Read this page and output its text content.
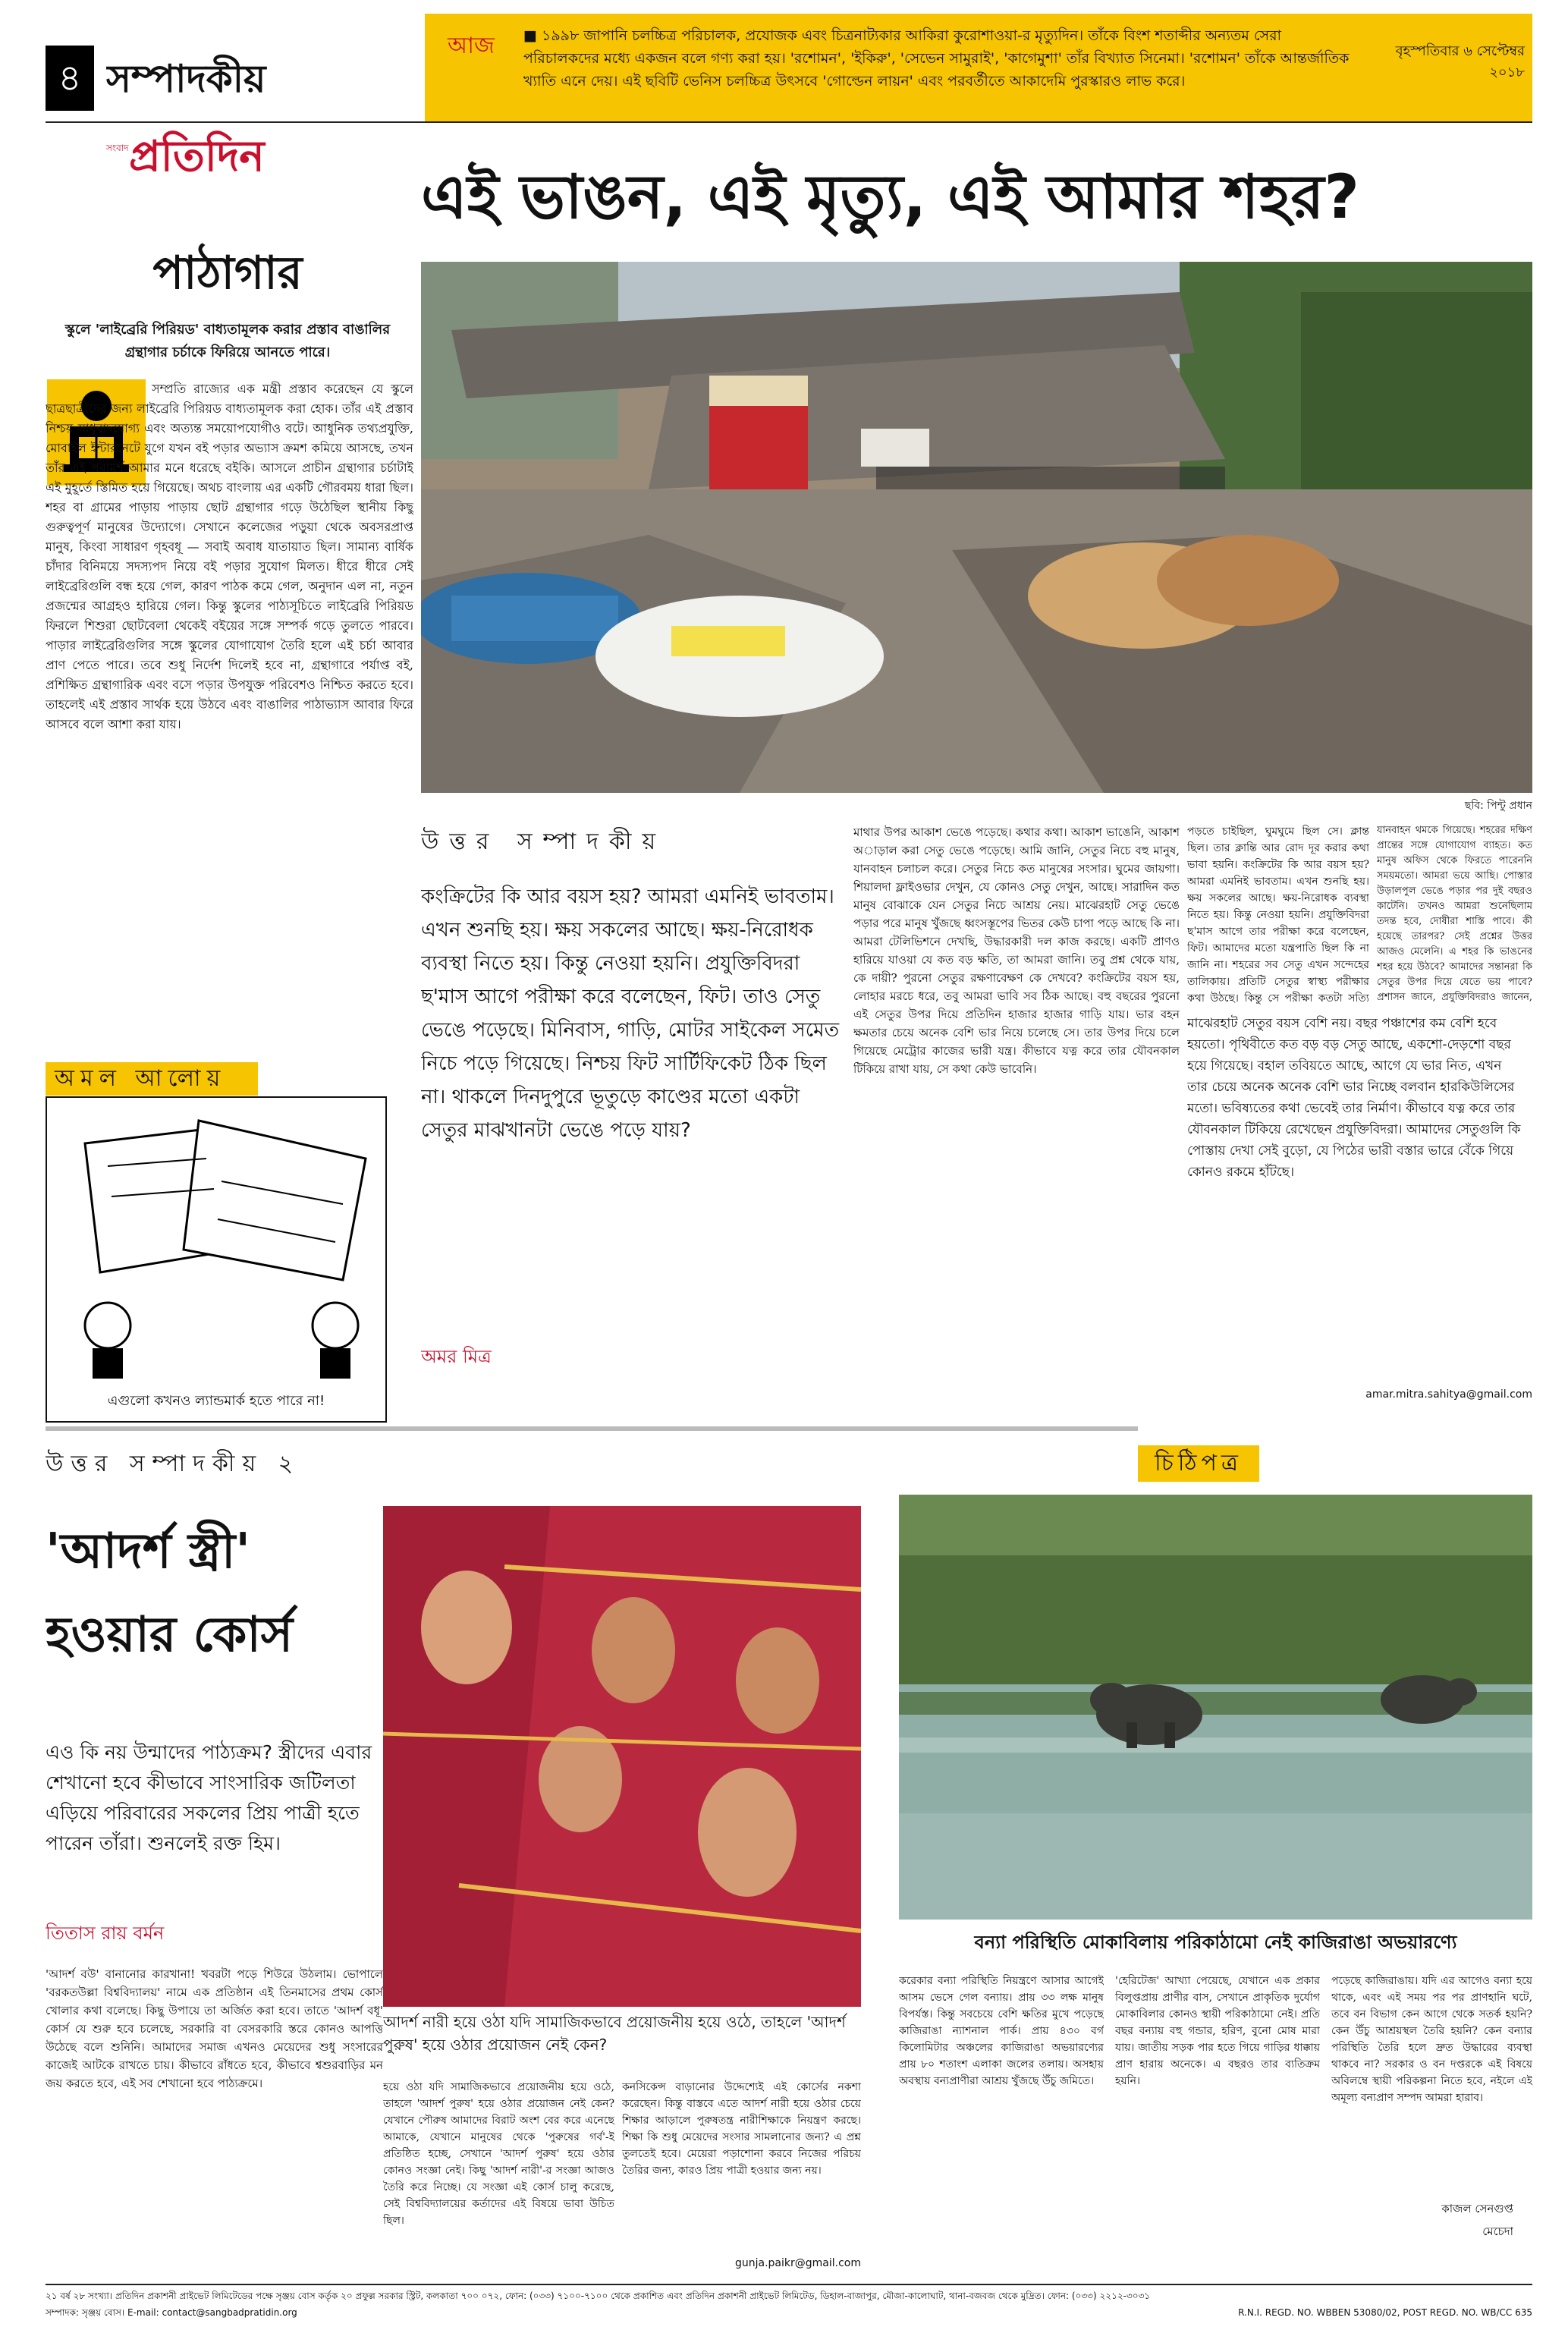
৪ সম্পাদকীয়
আজ ■ ১৯৯৮ জাপানি চলচ্চিত্র পরিচালক, প্রযোজক এবং চিত্রনাট্যকার আকিরা কুরোশাওয়া-র মৃত্যুদিন। তাঁকে বিংশ শতাব্দীর অন্যতম সেরা পরিচালকদের মধ্যে একজন বলে গণ্য করা হয়। 'রশোমন', 'ইকিরু', 'সেভেন সামুরাই', 'কাগেমুশা' তাঁর বিখ্যাত সিনেমা। 'রশোমন' তাঁকে আন্তর্জাতিক খ্যাতি এনে দেয়। এই ছবিটি ভেনিস চলচ্চিত্র উৎসবে 'গোল্ডেন লায়ন' এবং পরবর্তীতে আকাদেমি পুরস্কারও লাভ করে।
বৃহস্পতিবার ৬ সেপ্টেম্বর ২০১৮
সংবাদ প্রতিদিন
এই ভাঙন, এই মৃত্যু, এই আমার শহর?
ছবি: পিন্টু প্রধান
পাঠাগার
স্কুলে 'লাইব্রেরি পিরিয়ড' বাধ্যতামূলক করার প্রস্তাব বাঙালির গ্রন্থাগার চর্চাকে ফিরিয়ে আনতে পারে।
সম্প্রতি রাজ্যের এক মন্ত্রী প্রস্তাব করেছেন যে স্কুলে ছাত্রছাত্রীদের জন্য লাইব্রেরি পিরিয়ড বাধ্যতামূলক করা হোক। তাঁর এই প্রস্তাব নিশ্চয় সাধুবাদযোগ্য এবং অত্যন্ত সময়োপযোগীও বটে। আধুনিক তথ্যপ্রযুক্তি, মোবাইল ইন্টারনেটে যুগে যখন বই পড়ার অভ্যাস ক্রমশ কমিয়ে আসছে, তখন তাঁর এই পরামর্শ আমার মনে ধরেছে বইকি। আসলে প্রাচীন গ্রন্থাগার চর্চাটাই এই মুহূর্তে স্তিমিত হয়ে গিয়েছে। অথচ বাংলায় এর একটি গৌরবময় ধারা ছিল। শহর বা গ্রামের পাড়ায় পাড়ায় ছোট গ্রন্থাগার গড়ে উঠেছিল স্থানীয় কিছু গুরুত্বপূর্ণ মানুষের উদ্যোগে। সেখানে কলেজের পড়ুয়া থেকে অবসরপ্রাপ্ত মানুষ, কিংবা সাধারণ গৃহবধূ — সবাই অবাধ যাতায়াত ছিল। সামান্য বার্ষিক চাঁদার বিনিময়ে সদস্যপদ নিয়ে বই পড়ার সুযোগ মিলত। ধীরে ধীরে সেই লাইব্রেরিগুলি বন্ধ হয়ে গেল, কারণ পাঠক কমে গেল, অনুদান এল না, নতুন প্রজন্মের আগ্রহও হারিয়ে গেল। কিন্তু স্কুলের পাঠ্যসূচিতে লাইব্রেরি পিরিয়ড ফিরলে শিশুরা ছোটবেলা থেকেই বইয়ের সঙ্গে সম্পর্ক গড়ে তুলতে পারবে। পাড়ার লাইব্রেরিগুলির সঙ্গে স্কুলের যোগাযোগ তৈরি হলে এই চর্চা আবার প্রাণ পেতে পারে। তবে শুধু নির্দেশ দিলেই হবে না, গ্রন্থাগারে পর্যাপ্ত বই, প্রশিক্ষিত গ্রন্থাগারিক এবং বসে পড়ার উপযুক্ত পরিবেশও নিশ্চিত করতে হবে। তাহলেই এই প্রস্তাব সার্থক হয়ে উঠবে এবং বাঙালির পাঠাভ্যাস আবার ফিরে আসবে বলে আশা করা যায়।
অমল আলোয়
এগুলো কখনও ল্যান্ডমার্ক হতে পারে না!
উত্তর সম্পাদকীয়
কংক্রিটের কি আর বয়স হয়? আমরা এমনিই ভাবতাম। এখন শুনছি হয়। ক্ষয় সকলের আছে। ক্ষয়-নিরোধক ব্যবস্থা নিতে হয়। কিন্তু নেওয়া হয়নি। প্রযুক্তিবিদরা ছ'মাস আগে পরীক্ষা করে বলেছেন, ফিট। তাও সেতু ভেঙে পড়েছে। মিনিবাস, গাড়ি, মোটর সাইকেল সমেত নিচে পড়ে গিয়েছে। নিশ্চয় ফিট সার্টিফিকেট ঠিক ছিল না। থাকলে দিনদুপুরে ভূতুড়ে কাণ্ডের মতো একটা সেতুর মাঝখানটা ভেঙে পড়ে যায়?
অমর মিত্র
মাথার উপর আকাশ ভেঙে পড়েছে। কথার কথা। আকাশ ভাঙেনি, আকাশ অাড়াল করা সেতু ভেঙে পড়েছে। আমি জানি, সেতুর নিচে বহু মানুষ, যানবাহন চলাচল করে। সেতুর নিচে কত মানুষের সংসার। ঘুমের জায়গা। শিয়ালদা ফ্লাইওভার দেখুন, যে কোনও সেতু দেখুন, আছে। সারাদিন কত মানুষ বোঝাকে যেন সেতুর নিচে আশ্রয় নেয়। মাঝেরহাট সেতু ভেঙে পড়ার পরে মানুষ খুঁজছে ধ্বংসস্তূপের ভিতর কেউ চাপা পড়ে আছে কি না। আমরা টেলিভিশনে দেখছি, উদ্ধারকারী দল কাজ করছে। একটি প্রাণও হারিয়ে যাওয়া যে কত বড় ক্ষতি, তা আমরা জানি। তবু প্রশ্ন থেকে যায়, কে দায়ী? পুরনো সেতুর রক্ষণাবেক্ষণ কে দেখবে? কংক্রিটের বয়স হয়, লোহার মরচে ধরে, তবু আমরা ভাবি সব ঠিক আছে। বহু বছরের পুরনো এই সেতুর উপর দিয়ে প্রতিদিন হাজার হাজার গাড়ি যায়। ভার বহন ক্ষমতার চেয়ে অনেক বেশি ভার নিয়ে চলেছে সে। তার উপর দিয়ে চলে গিয়েছে মেট্রোর কাজের ভারী যন্ত্র। কীভাবে যত্ন করে তার যৌবনকাল টিকিয়ে রাখা যায়, সে কথা কেউ ভাবেনি।
পড়তে চাইছিল, ঘুমঘুমে ছিল সে। ক্লান্ত ছিল। তার ক্লান্তি আর রোদ দূর করার কথা ভাবা হয়নি। কংক্রিটের কি আর বয়স হয়? আমরা এমনিই ভাবতাম। এখন শুনছি হয়। ক্ষয় সকলের আছে। ক্ষয়-নিরোধক ব্যবস্থা নিতে হয়। কিন্তু নেওয়া হয়নি। প্রযুক্তিবিদরা ছ'মাস আগে তার পরীক্ষা করে বলেছেন, ফিট। আমাদের মতো যন্ত্রপাতি ছিল কি না জানি না। শহরের সব সেতু এখন সন্দেহের তালিকায়। প্রতিটি সেতুর স্বাস্থ্য পরীক্ষার কথা উঠছে। কিন্তু সে পরীক্ষা কতটা সত্যি
মাঝেরহাট সেতুর বয়স বেশি নয়। বছর পঞ্চাশের কম বেশি হবে হয়তো। পৃথিবীতে কত বড় বড় সেতু আছে, একশো-দেড়শো বছর হয়ে গিয়েছে। বহাল তবিয়তে আছে, আগে যে ভার নিত, এখন তার চেয়ে অনেক অনেক বেশি ভার নিচ্ছে বলবান হারকিউলিসের মতো। ভবিষ্যতের কথা ভেবেই তার নির্মাণ। কীভাবে যত্ন করে তার যৌবনকাল টিকিয়ে রেখেছেন প্রযুক্তিবিদরা। আমাদের সেতুগুলি কি পোস্তায় দেখা সেই বুড়ো, যে পিঠের ভারী বস্তার ভারে বেঁকে গিয়ে কোনও রকমে হাঁটছে।
যানবাহন থমকে গিয়েছে। শহরের দক্ষিণ প্রান্তের সঙ্গে যোগাযোগ ব্যাহত। কত মানুষ অফিস থেকে ফিরতে পারেননি সময়মতো। আমরা ভয়ে আছি। পোস্তার উড়ালপুল ভেঙে পড়ার পর দুই বছরও কাটেনি। তখনও আমরা শুনেছিলাম তদন্ত হবে, দোষীরা শাস্তি পাবে। কী হয়েছে তারপর? সেই প্রশ্নের উত্তর আজও মেলেনি। এ শহর কি ভাঙনের শহর হয়ে উঠবে? আমাদের সন্তানরা কি সেতুর উপর দিয়ে যেতে ভয় পাবে? প্রশাসন জানে, প্রযুক্তিবিদরাও জানেন,
amar.mitra.sahitya@gmail.com
উত্তর সম্পাদকীয় ২
'আদর্শ স্ত্রী' হওয়ার কোর্স
এও কি নয় উন্মাদের পাঠ্যক্রম? স্ত্রীদের এবার শেখানো হবে কীভাবে সাংসারিক জটিলতা এড়িয়ে পরিবারের সকলের প্রিয় পাত্রী হতে পারেন তাঁরা। শুনলেই রক্ত হিম।
তিতাস রায় বর্মন
'আদর্শ বউ' বানানোর কারখানা! খবরটা পড়ে শিউরে উঠলাম। ভোপালে 'বরকতউল্লা বিশ্ববিদ্যালয়' নামে এক প্রতিষ্ঠান এই তিনমাসের প্রথম কোর্স খোলার কথা বলেছে। কিছু উপায়ে তা অর্জিত করা হবে। তাতে 'আদর্শ বধূ' কোর্স যে শুরু হবে চলেছে, সরকারি বা বেসরকারি স্তরে কোনও আপত্তি উঠেছে বলে শুনিনি। আমাদের সমাজ এখনও মেয়েদের শুধু সংসারের কাজেই আটকে রাখতে চায়। কীভাবে রাঁধতে হবে, কীভাবে শ্বশুরবাড়ির মন জয় করতে হবে, এই সব শেখানো হবে পাঠ্যক্রমে।
আদর্শ নারী হয়ে ওঠা যদি সামাজিকভাবে প্রয়োজনীয় হয়ে ওঠে, তাহলে 'আদর্শ পুরুষ' হয়ে ওঠার প্রয়োজন নেই কেন?
হয়ে ওঠা যদি সামাজিকভাবে প্রয়োজনীয় হয়ে ওঠে, তাহলে 'আদর্শ পুরুষ' হয়ে ওঠার প্রয়োজন নেই কেন? যেখানে পৌরুষ আমাদের বিরাট অংশ বের করে এনেছে আমাকে, যেখানে মানুষের থেকে 'পুরুষের গর্ব'-ই প্রতিষ্ঠিত হচ্ছে, সেখানে 'আদর্শ পুরুষ' হয়ে ওঠার কোনও সংজ্ঞা নেই। কিছু 'আদর্শ নারী'-র সংজ্ঞা আজও তৈরি করে নিচ্ছে। যে সংজ্ঞা এই কোর্স চালু করেছে, সেই বিশ্ববিদ্যালয়ের কর্তাদের এই বিষয়ে ভাবা উচিত ছিল।
কনসিকেন্স বাড়ানোর উদ্দেশ্যেই এই কোর্সের নকশা করেছেন। কিন্তু বাস্তবে এতে আদর্শ নারী হয়ে ওঠার চেয়ে শিক্ষার আড়ালে পুরুষতন্ত্র নারীশিক্ষাকে নিয়ন্ত্রণ করছে। শিক্ষা কি শুধু মেয়েদের সংসার সামলানোর জন্য? এ প্রশ্ন তুলতেই হবে। মেয়েরা পড়াশোনা করবে নিজের পরিচয় তৈরির জন্য, কারও প্রিয় পাত্রী হওয়ার জন্য নয়।
gunja.paikr@gmail.com
চিঠিপত্র
বন্যা পরিস্থিতি মোকাবিলায় পরিকাঠামো নেই কাজিরাঙা অভয়ারণ্যে
করেকার বন্যা পরিস্থিতি নিয়ন্ত্রণে আসার আগেই আসম ভেসে গেল বন্যায়। প্রায় ৩৩ লক্ষ মানুষ বিপর্যস্ত। কিন্তু সবচেয়ে বেশি ক্ষতির মুখে পড়েছে কাজিরাঙা ন্যাশনাল পার্ক। প্রায় ৪৩০ বর্গ কিলোমিটার অঞ্চলের কাজিরাঙা অভয়ারণ্যের প্রায় ৮০ শতাংশ এলাকা জলের তলায়। অসহায় অবস্থায় বন্যপ্রাণীরা আশ্রয় খুঁজছে উঁচু জমিতে।
'হেরিটেজ' আখ্যা পেয়েছে, যেখানে এক প্রকার বিলুপ্তপ্রায় প্রাণীর বাস, সেখানে প্রাকৃতিক দুর্যোগ মোকাবিলার কোনও স্থায়ী পরিকাঠামো নেই। প্রতি বছর বন্যায় বহু গন্ডার, হরিণ, বুনো মোষ মারা যায়। জাতীয় সড়ক পার হতে গিয়ে গাড়ির ধাক্কায় প্রাণ হারায় অনেকে। এ বছরও তার ব্যতিক্রম হয়নি।
পড়েছে কাজিরাঙায়। যদি এর আগেও বন্যা হয়ে থাকে, এবং এই সময় পর পর প্রাণহানি ঘটে, তবে বন বিভাগ কেন আগে থেকে সতর্ক হয়নি? কেন উঁচু আশ্রয়স্থল তৈরি হয়নি? কেন বন্যার পরিস্থিতি তৈরি হলে দ্রুত উদ্ধারের ব্যবস্থা থাকবে না? সরকার ও বন দপ্তরকে এই বিষয়ে অবিলম্বে স্থায়ী পরিকল্পনা নিতে হবে, নইলে এই অমূল্য বন্যপ্রাণ সম্পদ আমরা হারাব।
কাজল সেনগুপ্ত
মেচেদা
২১ বর্ষ ২৮ সংখ্যা। প্রতিদিন প্রকাশনী প্রাইভেট লিমিটেডের পক্ষে সৃঞ্জয় বোস কর্তৃক ২০ প্রফুল্ল সরকার স্ট্রিট, কলকাতা ৭০০ ০৭২, ফোন: (০৩৩) ৭১০০-৭১০০ থেকে প্রকাশিত এবং প্রতিদিন প্রকাশনী প্রাইভেট লিমিটেড, ডিহাল-বাজাপুর, মৌজা-কালোঘাট, থানা-বজবজ থেকে মুদ্রিত। ফোন: (০৩৩) ২২১২-৩০৩১
সম্পাদক: সৃঞ্জয় বোস। E-mail: contact@sangbadpratidin.org	R.N.I. REGD. NO. WBBEN 53080/02, POST REGD. NO. WB/CC 635
